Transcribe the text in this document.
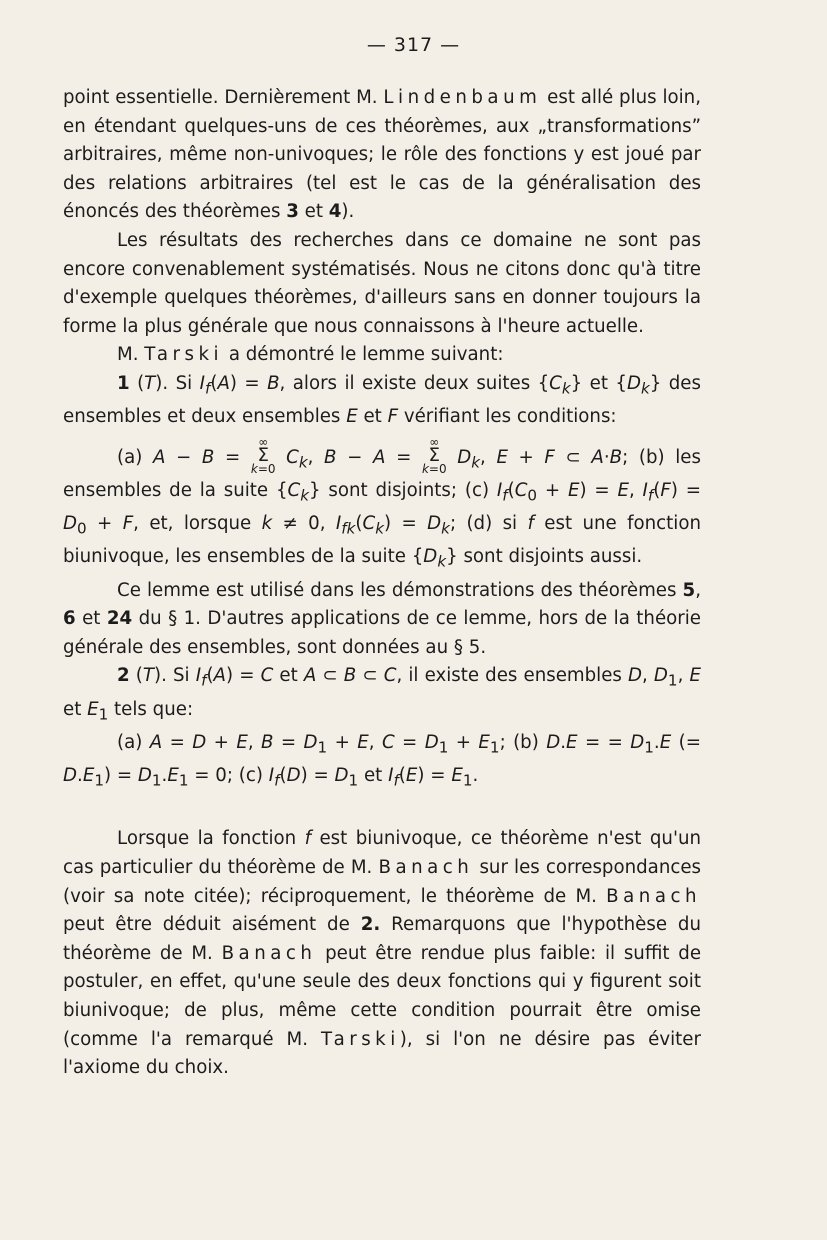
— 317 —

point essentielle. Dernièrement M. Lindenbaum est allé plus loin, en étendant quelques-uns de ces théorèmes, aux „transformations” arbitraires, même non-univoques; le rôle des fonctions y est joué par des relations arbitraires (tel est le cas de la généralisation des énoncés des théorèmes 3 et 4).

Les résultats des recherches dans ce domaine ne sont pas encore convenablement systématisés. Nous ne citons donc qu'à titre d'exemple quelques théorèmes, d'ailleurs sans en donner toujours la forme la plus générale que nous connaissons à l'heure actuelle.

M. Tarski a démontré le lemme suivant:

1 (T). Si $I_f(A) = B$, alors il existe deux suites $\{C_k\}$ et $\{D_k\}$ des ensembles et deux ensembles E et F vérifiant les conditions:

(a) A − B =
∞
Σ
k=0
$C_k$, B − A =
∞
Σ
k=0
$D_k$, E + F ⊂ A·B; (b) les ensembles de la suite $\{C_k\}$ sont disjoints; (c) $I_f(C_0 + E) = E$, $I_f(F) = D_0 + F$, et, lorsque k ≠ 0, $I_{fk}(C_k) = D_k$; (d) si f est une fonction biunivoque, les ensembles de la suite $\{D_k\}$ sont disjoints aussi.

Ce lemme est utilisé dans les démonstrations des théorèmes 5, 6 et 24 du § 1. D'autres applications de ce lemme, hors de la théorie générale des ensembles, sont données au § 5.

2 (T). Si $I_f(A) = C$ et A ⊂ B ⊂ C, il existe des ensembles D, $D_1$, E et $E_1$ tels que:

(a) A = D + E, $B = D_1 + E$, $C = D_1 + E_1$; (b) D.E = = $D_1.E$ (= $D.E_1) = D_1.E_1 = 0$; (c) $I_f(D) = D_1$ et $I_f(E) = E_1$.

Lorsque la fonction f est biunivoque, ce théorème n'est qu'un cas particulier du théorème de M. Banach sur les correspondances (voir sa note citée); réciproquement, le théorème de M. Banach peut être déduit aisément de 2. Remarquons que l'hypothèse du théorème de M. Banach peut être rendue plus faible: il suffit de postuler, en effet, qu'une seule des deux fonctions qui y figurent soit biunivoque; de plus, même cette condition pourrait être omise (comme l'a remarqué M. Tarski), si l'on ne désire pas éviter l'axiome du choix.
